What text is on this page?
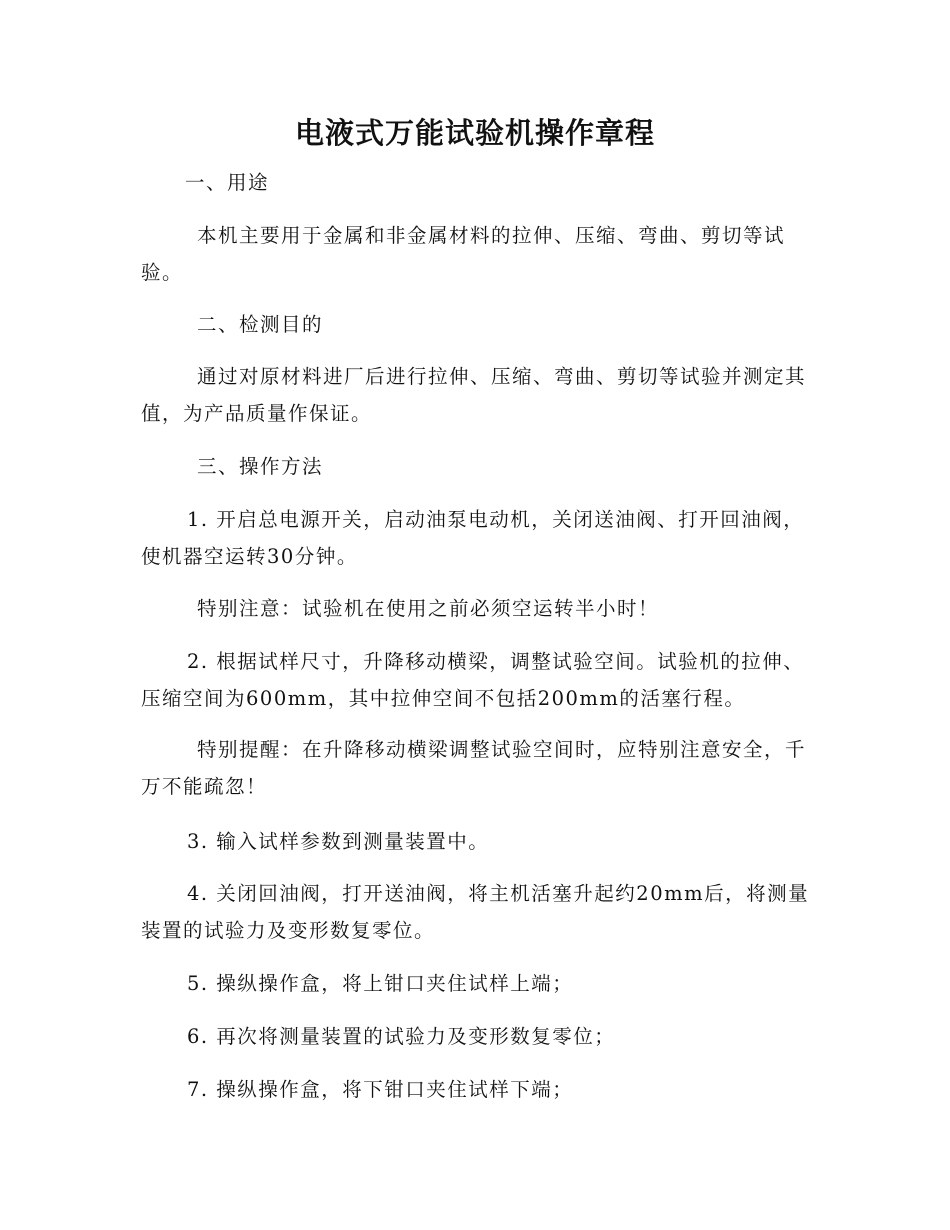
电液式万能试验机操作章程
一、用途
本机主要用于金属和非金属材料的拉伸、压缩、弯曲、剪切等试验。
二、检测目的
通过对原材料进厂后进行拉伸、压缩、弯曲、剪切等试验并测定其值，为产品质量作保证。
三、操作方法
1. 开启总电源开关，启动油泵电动机，关闭送油阀、打开回油阀，使机器空运转30分钟。
特别注意：试验机在使用之前必须空运转半小时！
2. 根据试样尺寸，升降移动横梁，调整试验空间。试验机的拉伸、压缩空间为600mm，其中拉伸空间不包括200mm的活塞行程。
特别提醒：在升降移动横梁调整试验空间时，应特别注意安全，千万不能疏忽！
3. 输入试样参数到测量装置中。
4. 关闭回油阀，打开送油阀，将主机活塞升起约20mm后，将测量装置的试验力及变形数复零位。
5. 操纵操作盒，将上钳口夹住试样上端；
6. 再次将测量装置的试验力及变形数复零位；
7. 操纵操作盒，将下钳口夹住试样下端；
